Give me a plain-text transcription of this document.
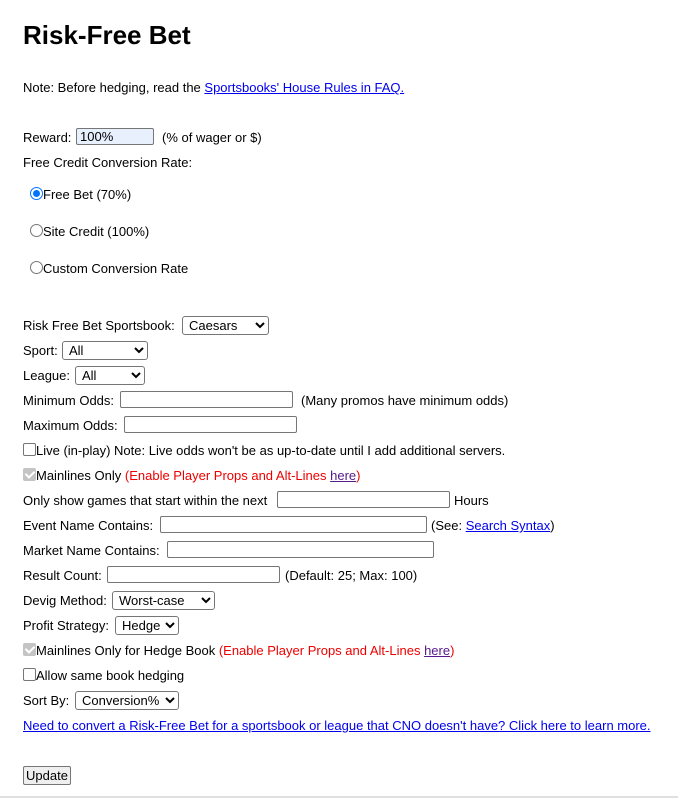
Risk-Free Bet
Note: Before hedging, read the Sportsbooks' House Rules in FAQ.
Reward:
100%	(% of wager or $)
Free Credit Conversion Rate:
Free Bet (70%)
Site Credit (100%)
Custom Conversion Rate
Risk Free Bet Sportsbook:
Caesars
Sport:
All
League:
All
Minimum Odds:	(Many promos have minimum odds)
Maximum Odds:
Live (in-play) Note: Live odds won't be as up-to-date until I add additional servers.
Mainlines Only (Enable Player Props and Alt-Lines here)
Only show games that start within the next	Hours
Event Name Contains:	(See: Search Syntax)
Market Name Contains:
Result Count:	(Default: 25; Max: 100)
Devig Method:
Worst-case
Profit Strategy:
Hedge
Mainlines Only for Hedge Book (Enable Player Props and Alt-Lines here)
Allow same book hedging
Sort By:
Conversion%
Need to convert a Risk-Free Bet for a sportsbook or league that CNO doesn't have? Click here to learn more.
Update
